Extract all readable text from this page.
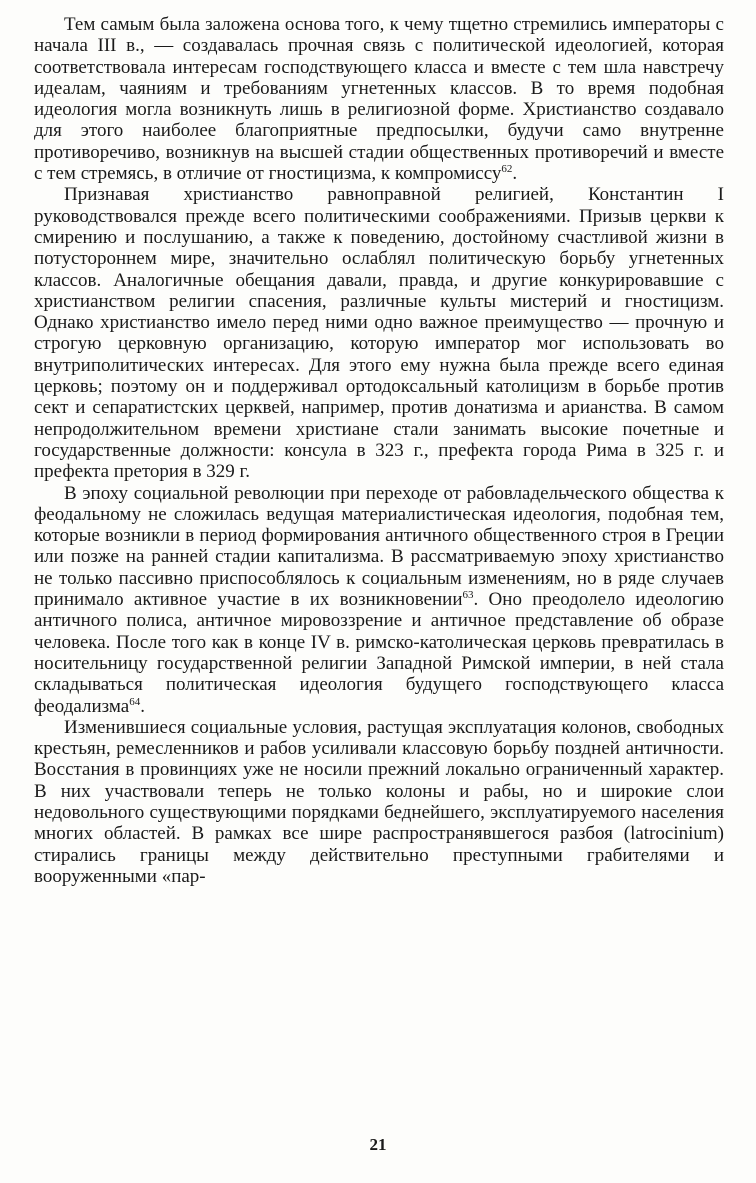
Тем самым была заложена основа того, к чему тщетно стремились императоры с начала III в., — создавалась прочная связь с политической идеологией, которая соответствовала интересам господствующего класса и вместе с тем шла навстречу идеалам, чаяниям и требованиям угнетенных классов. В то время подобная идеология могла возникнуть лишь в религиозной форме. Христианство создавало для этого наиболее благоприятные предпосылки, будучи само внутренне противоречиво, возникнув на высшей стадии общественных противоречий и вместе с тем стремясь, в отличие от гностицизма, к компромиссу$^{62}$.

Признавая христианство равноправной религией, Константин I руководствовался прежде всего политическими соображениями. Призыв церкви к смирению и послушанию, а также к поведению, достойному счастливой жизни в потустороннем мире, значительно ослаблял политическую борьбу угнетенных классов. Аналогичные обещания давали, правда, и другие конкурировавшие с христианством религии спасения, различные культы мистерий и гностицизм. Однако христианство имело перед ними одно важное преимущество — прочную и строгую церковную организацию, которую император мог использовать во внутриполитических интересах. Для этого ему нужна была прежде всего единая церковь; поэтому он и поддерживал ортодоксальный католицизм в борьбе против сект и сепаратистских церквей, например, против донатизма и арианства. В самом непродолжительном времени христиане стали занимать высокие почетные и государственные должности: консула в 323 г., префекта города Рима в 325 г. и префекта претория в 329 г.

В эпоху социальной революции при переходе от рабовладельческого общества к феодальному не сложилась ведущая материалистическая идеология, подобная тем, которые возникли в период формирования античного общественного строя в Греции или позже на ранней стадии капитализма. В рассматриваемую эпоху христианство не только пассивно приспособлялось к социальным изменениям, но в ряде случаев принимало активное участие в их возникновении$^{63}$. Оно преодолело идеологию античного полиса, античное мировоззрение и античное представление об образе человека. После того как в конце IV в. римско-католическая церковь превратилась в носительницу государственной религии Западной Римской империи, в ней стала складываться политическая идеология будущего господствующего класса феодализма$^{64}$.

Изменившиеся социальные условия, растущая эксплуатация колонов, свободных крестьян, ремесленников и рабов усиливали классовую борьбу поздней античности. Восстания в провинциях уже не носили прежний локально ограниченный характер. В них участвовали теперь не только колоны и рабы, но и широкие слои недовольного существующими порядками беднейшего, эксплуатируемого населения многих областей. В рамках все шире распространявшегося разбоя (latrocinium) стирались границы между действительно преступными грабителями и вооруженными «пар-

21
